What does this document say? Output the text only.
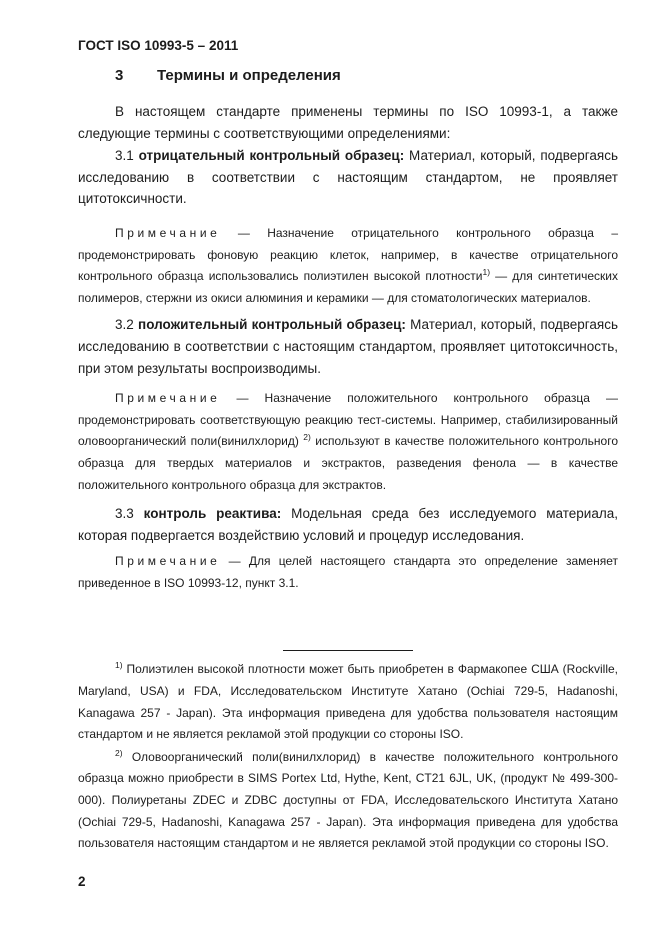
ГОСТ ISO 10993-5 – 2011
3 Термины и определения

В настоящем стандарте применены термины по ISO 10993-1, а также следующие термины с соответствующими определениями:

3.1 отрицательный контрольный образец: Материал, который, подвергаясь исследованию в соответствии с настоящим стандартом, не проявляет цитотоксичности.

Примечание — Назначение отрицательного контрольного образца – продемонстрировать фоновую реакцию клеток, например, в качестве отрицательного контрольного образца использовались полиэтилен высокой плотности$^{1)}$ — для синтетических полимеров, стержни из окиси алюминия и керамики — для стоматологических материалов.

3.2 положительный контрольный образец: Материал, который, подвергаясь исследованию в соответствии с настоящим стандартом, проявляет цитотоксичность, при этом результаты воспроизводимы.

Примечание — Назначение положительного контрольного образца — продемонстрировать соответствующую реакцию тест-системы. Например, стабилизированный оловоорганический поли(винилхлорид) $^{2)}$ используют в качестве положительного контрольного образца для твердых материалов и экстрактов, разведения фенола — в качестве положительного контрольного образца для экстрактов.

3.3 контроль реактива: Модельная среда без исследуемого материала, которая подвергается воздействию условий и процедур исследования.

Примечание — Для целей настоящего стандарта это определение заменяет приведенное в ISO 10993-12, пункт 3.1.

$^{1)}$ Полиэтилен высокой плотности может быть приобретен в Фармакопее США (Rockville, Maryland, USA) и FDA, Исследовательском Институте Хатано (Ochiai 729-5, Hadanoshi, Kanagawa 257 - Japan). Эта информация приведена для удобства пользователя настоящим стандартом и не является рекламой этой продукции со стороны ISO.

$^{2)}$ Оловоорганический поли(винилхлорид) в качестве положительного контрольного образца можно приобрести в SIMS Portex Ltd, Hythe, Kent, CT21 6JL, UK, (продукт № 499-300-000). Полиуретаны ZDEC и ZDBC доступны от FDA, Исследовательского Института Хатано (Ochiai 729-5, Hadanoshi, Kanagawa 257 - Japan). Эта информация приведена для удобства пользователя настоящим стандартом и не является рекламой этой продукции со стороны ISO.

2
